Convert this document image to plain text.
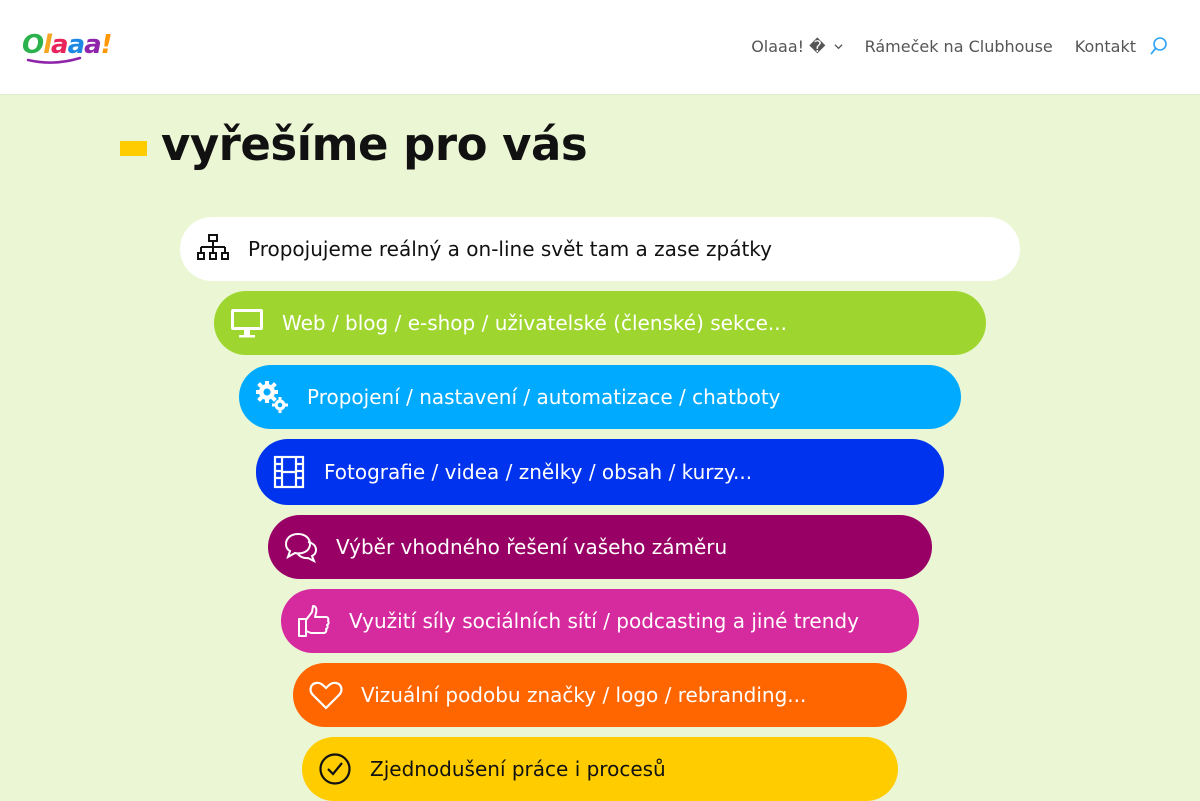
Olaaa!	Olaaa! � Rámeček na Clubhouse Kontakt
vyřešíme pro vás
Propojujeme reálný a on-line svět tam a zase zpátky
Web / blog / e-shop / uživatelské (členské) sekce...
Propojení / nastavení / automatizace / chatboty
Fotografie / videa / znělky / obsah / kurzy...
Výběr vhodného řešení vašeho záměru
Využití síly sociálních sítí / podcasting a jiné trendy
Vizuální podobu značky / logo / rebranding...
Zjednodušení práce i procesů
